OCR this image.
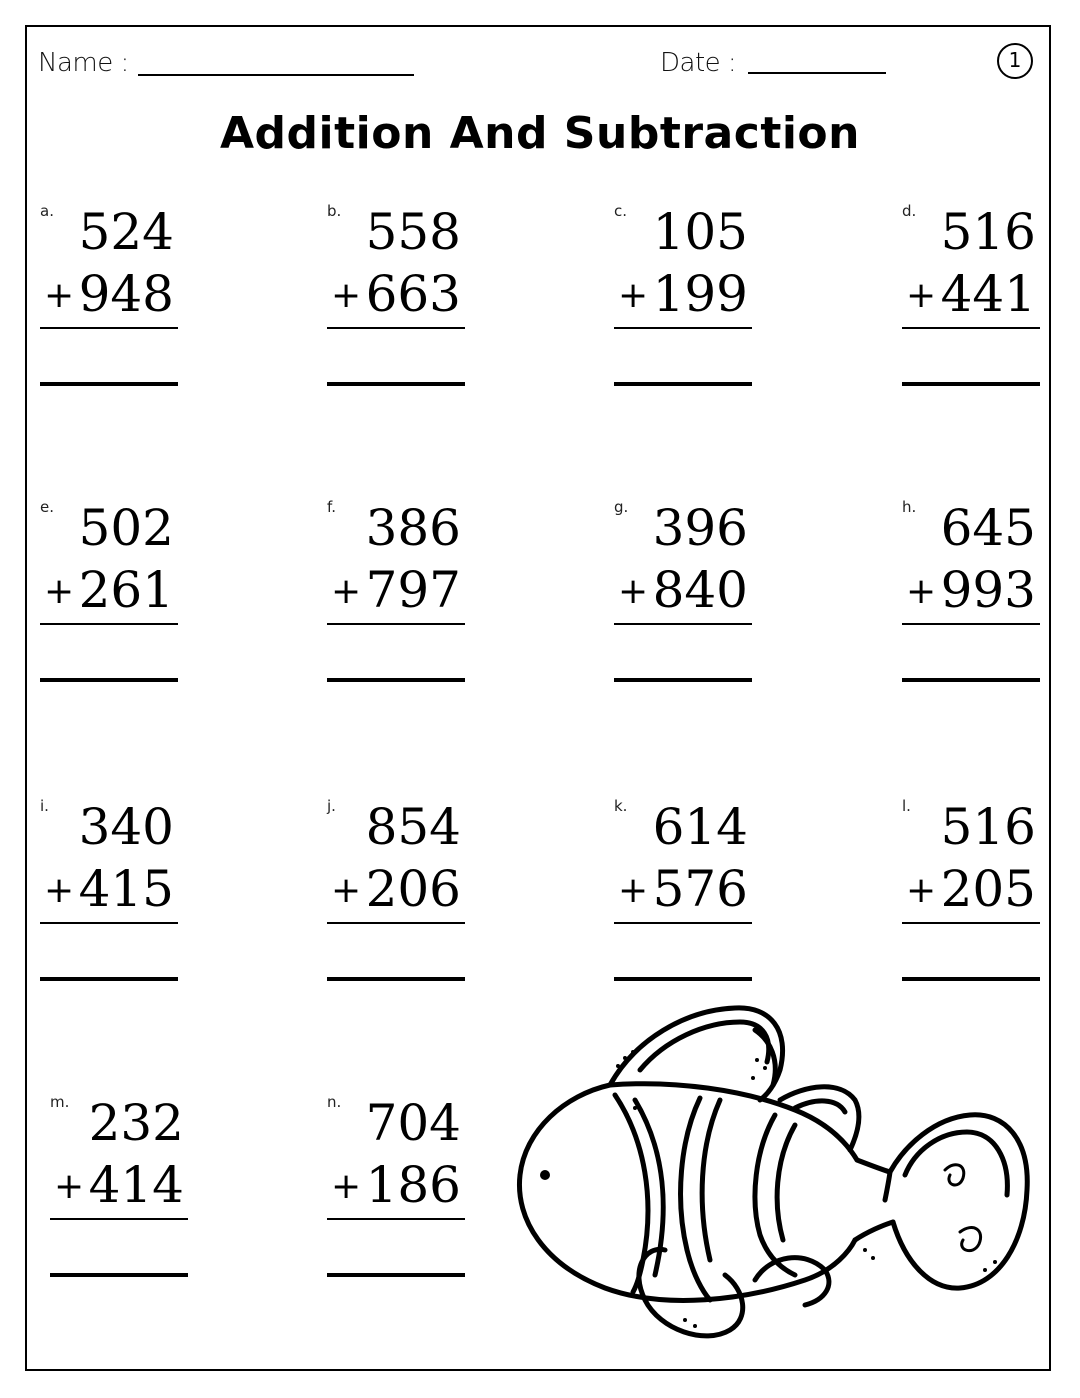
Name :	Date :	1
Addition And Subtraction
a. 524
+ 948
b. 558
+ 663
c. 105
+ 199
d. 516
+ 441
e. 502
+ 261
f. 386
+ 797
g. 396
+ 840
h. 645
+ 993
i. 340
+ 415
j. 854
+ 206
k. 614
+ 576
l. 516
+ 205
m. 232
+ 414
n. 704
+ 186
